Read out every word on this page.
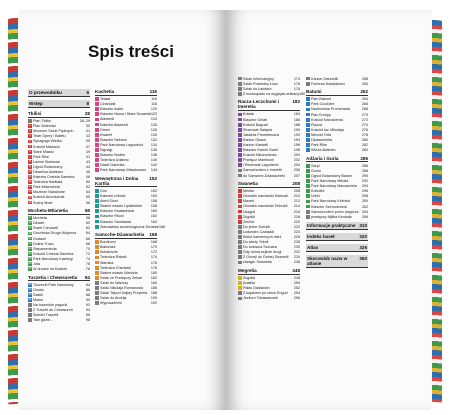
Spis treści
O przewodniku	6
Wstęp	8
Tbilisi	28
Plan Tbilisi	28–29
1 Plac Wolności	30
2 Muzeum Sztuk Pięknych	31
3 Teatr Opery i Baletu	33
4 Synagoga Wielka	35
5 Kościół Mariacki	37
6 Stare Miasto	39
7 Park Rike	41
8 Łaźnie Siarkowe	43
9 Ogród Botaniczny	44
10 Dżwelica Awlabari	46
11 Katedra Cminda Sameba	48
12 Twierdza Narikala	50
13 Park Mtacminda	52
14 Muzeum Narodowe	54
15 Kościół Anczischati	55
16 Suchy Most	56
Mccheta-Mtianetia	58
17 Mccheta	58
18 Dżwari	60
19 Sweti Cchoweli	62
20 Gruzińska Droga Wojenna	64
21 Gudauri	66
22 Dolina Truso	68
23 Stepancminda	70
24 Kościół Cminda Sameba	72
25 Park Narodowy Kazbegi	74
26 Juta	76
27 W drodze na Kazbek	78
Tuszetia i Chewsuretia 84
28 Tuszecki Park Narodowy	84
29 Omalo	86
30 Szatili	88
31 Mutso	90
Na tuszeckie pagórki	92
Z Tuszeti do Chewsureti	94
Ścieżki Tuszetii	96
Tam gdzie...	98
Kachetia	116
Telawi	116
Cinandali	118
Klasztor Ikalto	120
Klasztor Nowa i Stara Szuamta 122
Alawerdi	124
Katedra Alawerdi	126
Gremi	128
Kwareli	130
Klasztor Nekresi	132
Park Narodowy Lagodechi	134
Signagi	136
Klasztor Bodbe	138
Twierdza Udabno	140
Dawit Garedża	142
Park Narodowy Wasziowani	144
Wewnętrzna i Dolna Kartlia
152
Gori	152
Katedra Urbnisi	154
Ateni Sioni	156
Skalne miasto Uplistsikhe	158
Klasztor Kwatachewi	160
Klasztor Rkoni	162
Klasztor Samtawisi	164
Stanowisko archeologiczne Dmanisi 166
Samcche-Dżawachetia 168
Bordżomi	168
Bakuriani	170
Achalciche	172
Twierdza Rabati	174
Wardzia	176
Twierdza Chertwisi	178
Skalne miasto Wardzia	180
Szlak ze Przełęczy Zekari	182
Szlak do Wańczy	184
Szlak Nikolaja Romanowa	186
Szlak Tsipori Dajkej Przymila	188
Szlak do Andrija	190
Wyposażenie	192
Szlak Informacyjny	174
Szlak Powiedny Łosz	176
Szlak do Łakdarb	178
Z wodospadu na wygląda wulkany 180
Racza-Leczchumi i Imeretia
182
Kutaisi	184
Klasztor Gelati	186
Kościół Bagrati	188
Rezerwat Satapla	190
Jaskinia Prometeusza	192
Kanion Okace	194
Kanion Martwili	196
Klasztor Kwichi Sweri	198
Kościół Nikorcminda	200
Przełęcz Mamisoni	202
i Rezerwat Lagodechi	204
Samochodem z Imeretii	206
do Samcche-Dżawachetii	207
Swanetia	208
Mestia	208
Ośrodek narciarski Hatsvali	210
Mazeri	212
Ośrodek narciarski Tetnuldi	214
Uszguli	216
Zugdidi	218
Zechia	220
Do jezior Koruldi	222
Lodowiec Czalaadi	224
Wzlot kamiennych wież	226
Do wieży Tekali	228
Do lodowca Szchara	230
Gdy dolna zejście drogi	232
Z Goneji do Dolnej Swanetii	234
Uwaga: Swanetia	236
Megrelia	248
Zugdidi	248
Anaklia	250
Pałac Dadianich	252
Z kajakiem po rzece Enguri	254
Jeziioro Tobawarczeli	256
Kanion Garzedili	258
Fortreca Nokalakewi	260
Batumi	262
Plan Batumi	264
Park Cucdobe	266
Nadmorska Promenada	268
Plac Europy	270
Kościół Narodzenia	272
Piazza	274
Kościół św. Mikołaja	276
Meczet Orta	278
Dżawachetia	280
Park Rike	282
Wieża Alfabetu	284
Adżaria i Guria	286
Sarpi	286
Gonio	288
Ogród Botaniczny Batum	290
Park Narodowy Mtirala	292
Park Narodowy Maczachela	294
Kobuleti	296
Ureki	298
Park Narodowy Kintriszi	300
Klasztor Szemokmedi	302
Samochodem przez wzgórza 304
przełęczy Mjtika Keukala	306
Informacje praktyczne 310
Indeks haseł	320
Atlas	326
Skorowidz nazw w atlasie
350
